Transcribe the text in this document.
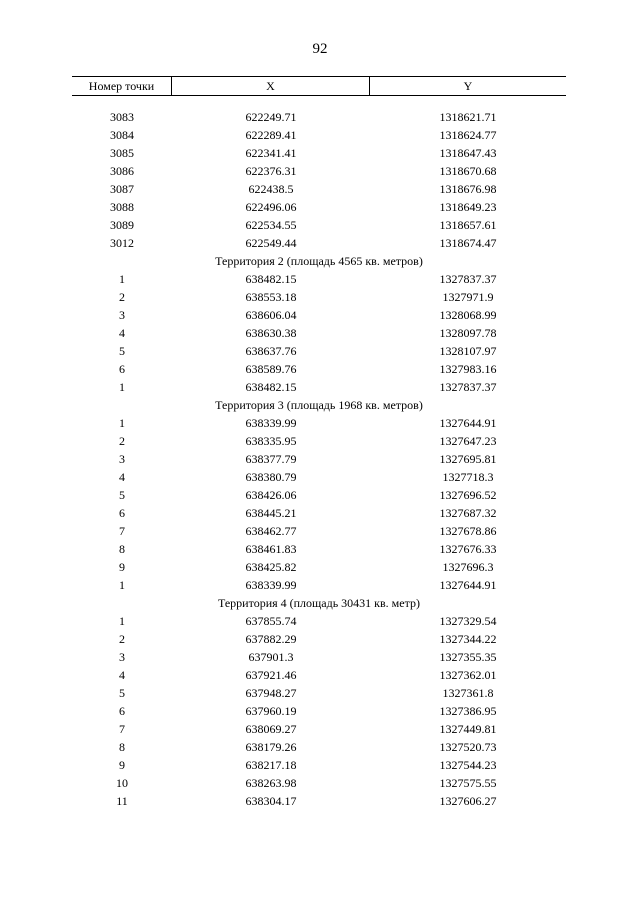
92
Номер точки	X	Y
3083	622249.71	1318621.71
3084	622289.41	1318624.77
3085	622341.41	1318647.43
3086	622376.31	1318670.68
3087	622438.5	1318676.98
3088	622496.06	1318649.23
3089	622534.55	1318657.61
3012	622549.44	1318674.47
Территория 2 (площадь 4565 кв. метров)
1	638482.15	1327837.37
2	638553.18	1327971.9
3	638606.04	1328068.99
4	638630.38	1328097.78
5	638637.76	1328107.97
6	638589.76	1327983.16
1	638482.15	1327837.37
Территория 3 (площадь 1968 кв. метров)
1	638339.99	1327644.91
2	638335.95	1327647.23
3	638377.79	1327695.81
4	638380.79	1327718.3
5	638426.06	1327696.52
6	638445.21	1327687.32
7	638462.77	1327678.86
8	638461.83	1327676.33
9	638425.82	1327696.3
1	638339.99	1327644.91
Территория 4 (площадь 30431 кв. метр)
1	637855.74	1327329.54
2	637882.29	1327344.22
3	637901.3	1327355.35
4	637921.46	1327362.01
5	637948.27	1327361.8
6	637960.19	1327386.95
7	638069.27	1327449.81
8	638179.26	1327520.73
9	638217.18	1327544.23
10	638263.98	1327575.55
11	638304.17	1327606.27
